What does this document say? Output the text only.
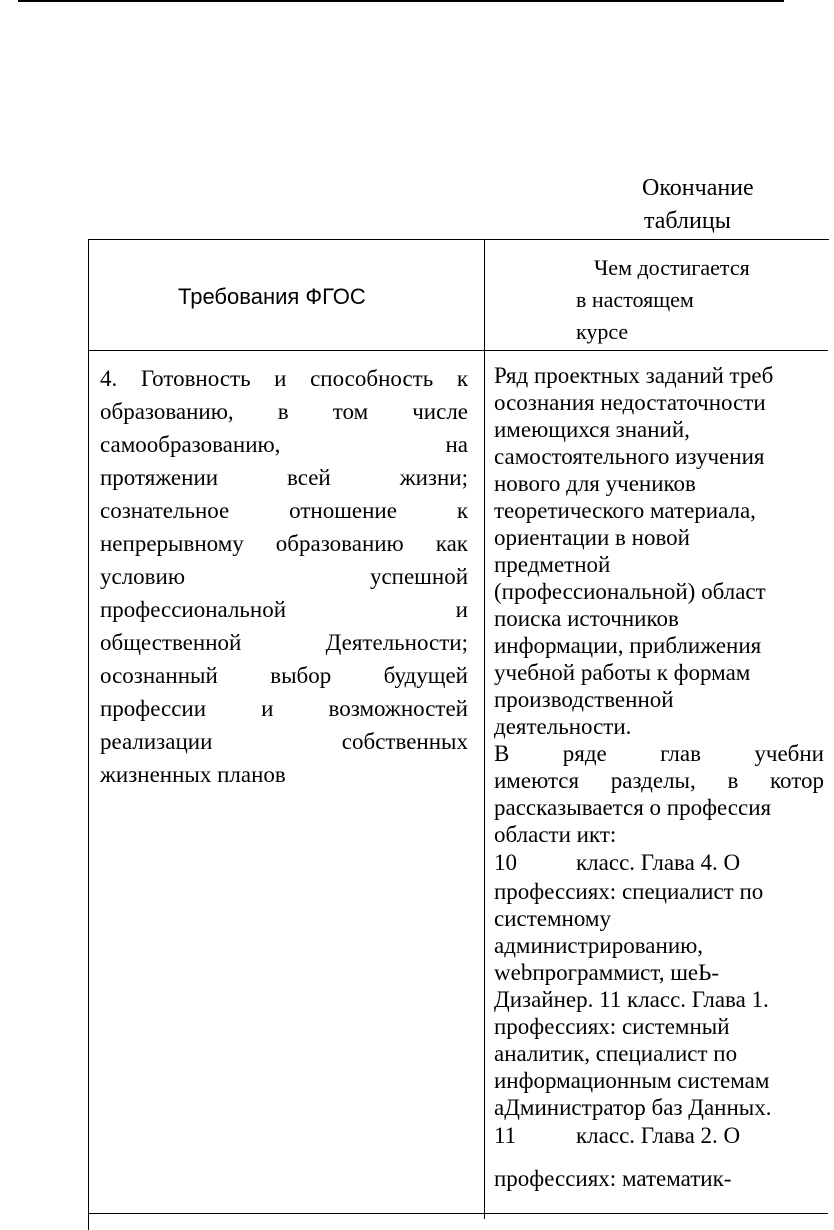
Окончание
таблицы
Требования ФГОС
Чем достигается
в настоящем
курсе
4. Готовность и способность к
образованию, в том числе
самообразованию, на
протяжении всей жизни;
сознательное отношение к
непрерывному образованию как
условию успешной
профессиональной и
общественной Деятельности;
осознанный выбор будущей
профессии и возможностей
реализации собственных
жизненных планов
Ряд проектных заданий треб
осознания недостаточности
имеющихся знаний,
самостоятельного изучения
нового для учеников
теоретического материала,
ориентации в новой
предметной
(профессиональной) област
поиска источников
информации, приближения
учебной работы к формам
производственной
деятельности.
В ряде глав учебни
имеются разделы, в котор
рассказывается о профессия
области икт:
10	класс. Глава 4. О
профессиях: специалист по
системному
администрированию,
webпрограммист, шеЬ-
Дизайнер. 11 класс. Глава 1.
профессиях: системный
аналитик, специалист по
информационным системам
аДминистратор баз Данных.
11	класс. Глава 2. О
профессиях: математик-
